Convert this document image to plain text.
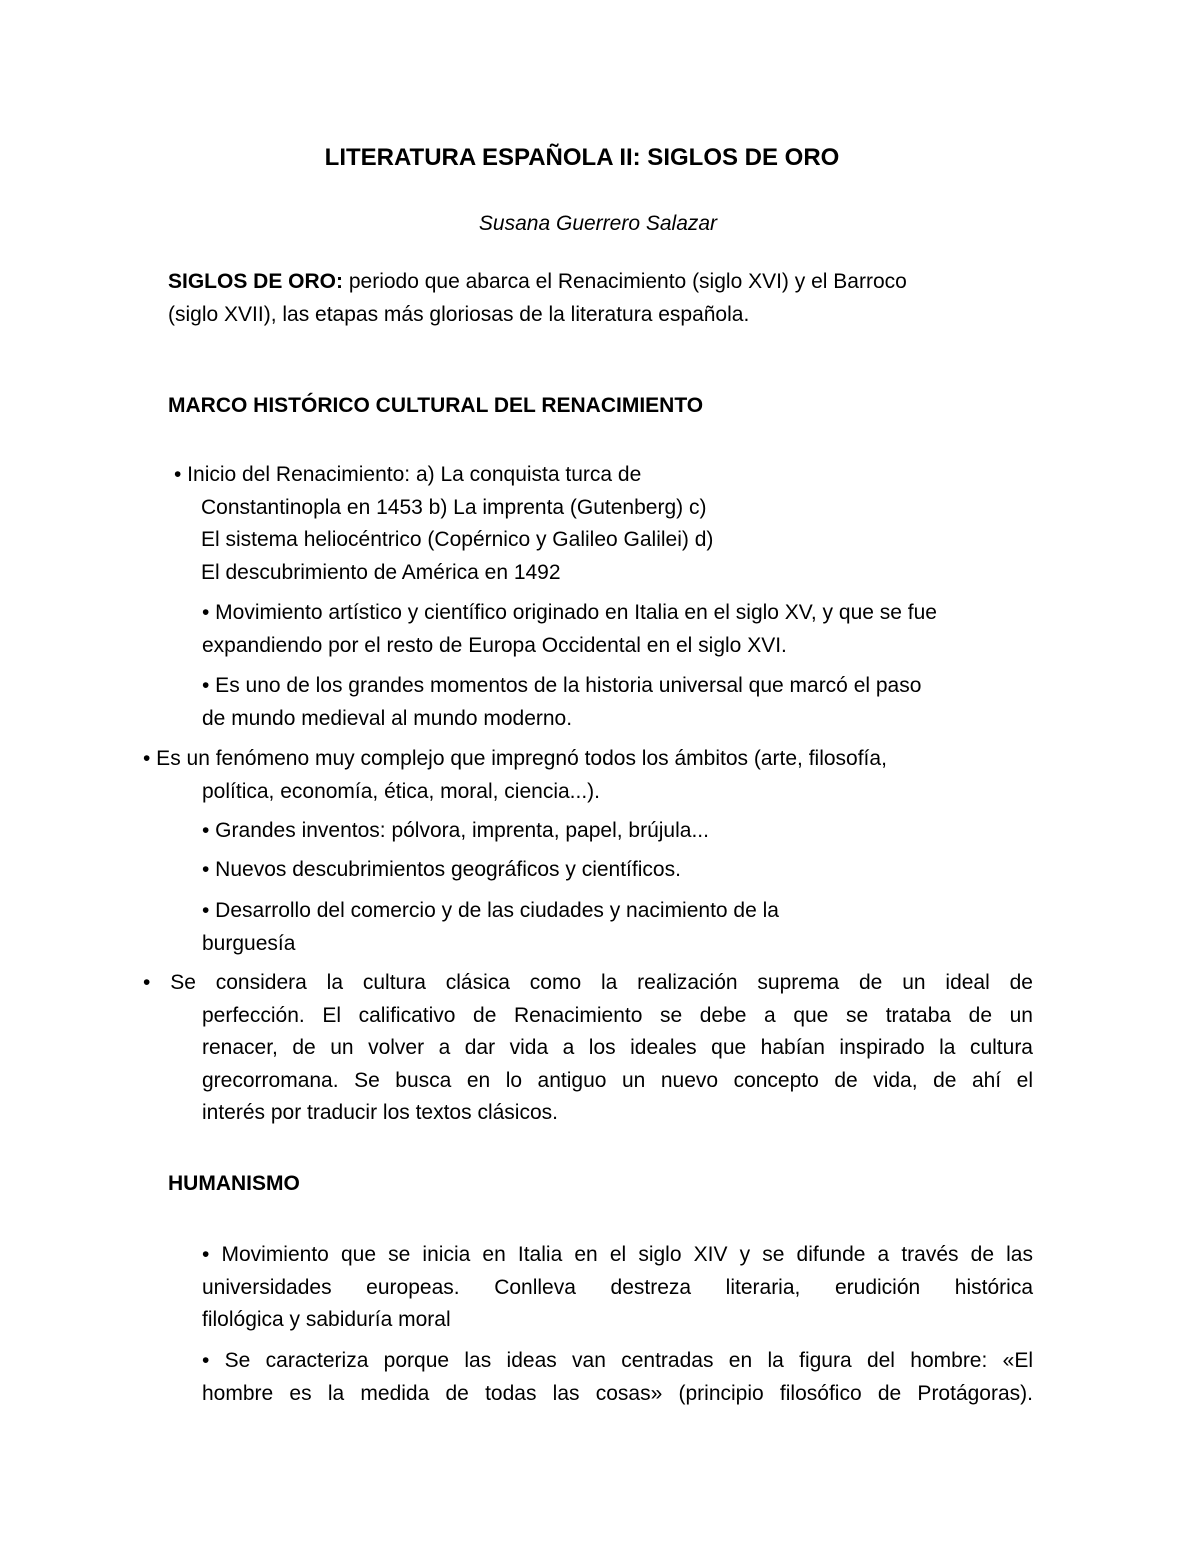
LITERATURA ESPAÑOLA II: SIGLOS DE ORO

Susana Guerrero Salazar

SIGLOS DE ORO: periodo que abarca el Renacimiento (siglo XVI) y el Barroco
(siglo XVII), las etapas más gloriosas de la literatura española.
MARCO HISTÓRICO CULTURAL DEL RENACIMIENTO
• Inicio del Renacimiento: a) La conquista turca de
Constantinopla en 1453 b) La imprenta (Gutenberg) c)
El sistema heliocéntrico (Copérnico y Galileo Galilei) d)
El descubrimiento de América en 1492
• Movimiento artístico y científico originado en Italia en el siglo XV, y que se fue
expandiendo por el resto de Europa Occidental en el siglo XVI.
• Es uno de los grandes momentos de la historia universal que marcó el paso
de mundo medieval al mundo moderno.
• Es un fenómeno muy complejo que impregnó todos los ámbitos (arte, filosofía,
política, economía, ética, moral, ciencia...).
• Grandes inventos: pólvora, imprenta, papel, brújula...
• Nuevos descubrimientos geográficos y científicos.
• Desarrollo del comercio y de las ciudades y nacimiento de la
burguesía
• Se considera la cultura clásica como la realización suprema de un ideal de
perfección. El calificativo de Renacimiento se debe a que se trataba de un
renacer, de un volver a dar vida a los ideales que habían inspirado la cultura
grecorromana. Se busca en lo antiguo un nuevo concepto de vida, de ahí el
interés por traducir los textos clásicos.
HUMANISMO
• Movimiento que se inicia en Italia en el siglo XIV y se difunde a través de las
universidades europeas. Conlleva destreza literaria, erudición histórica
filológica y sabiduría moral
• Se caracteriza porque las ideas van centradas en la figura del hombre: «El
hombre es la medida de todas las cosas» (principio filosófico de Protágoras).
